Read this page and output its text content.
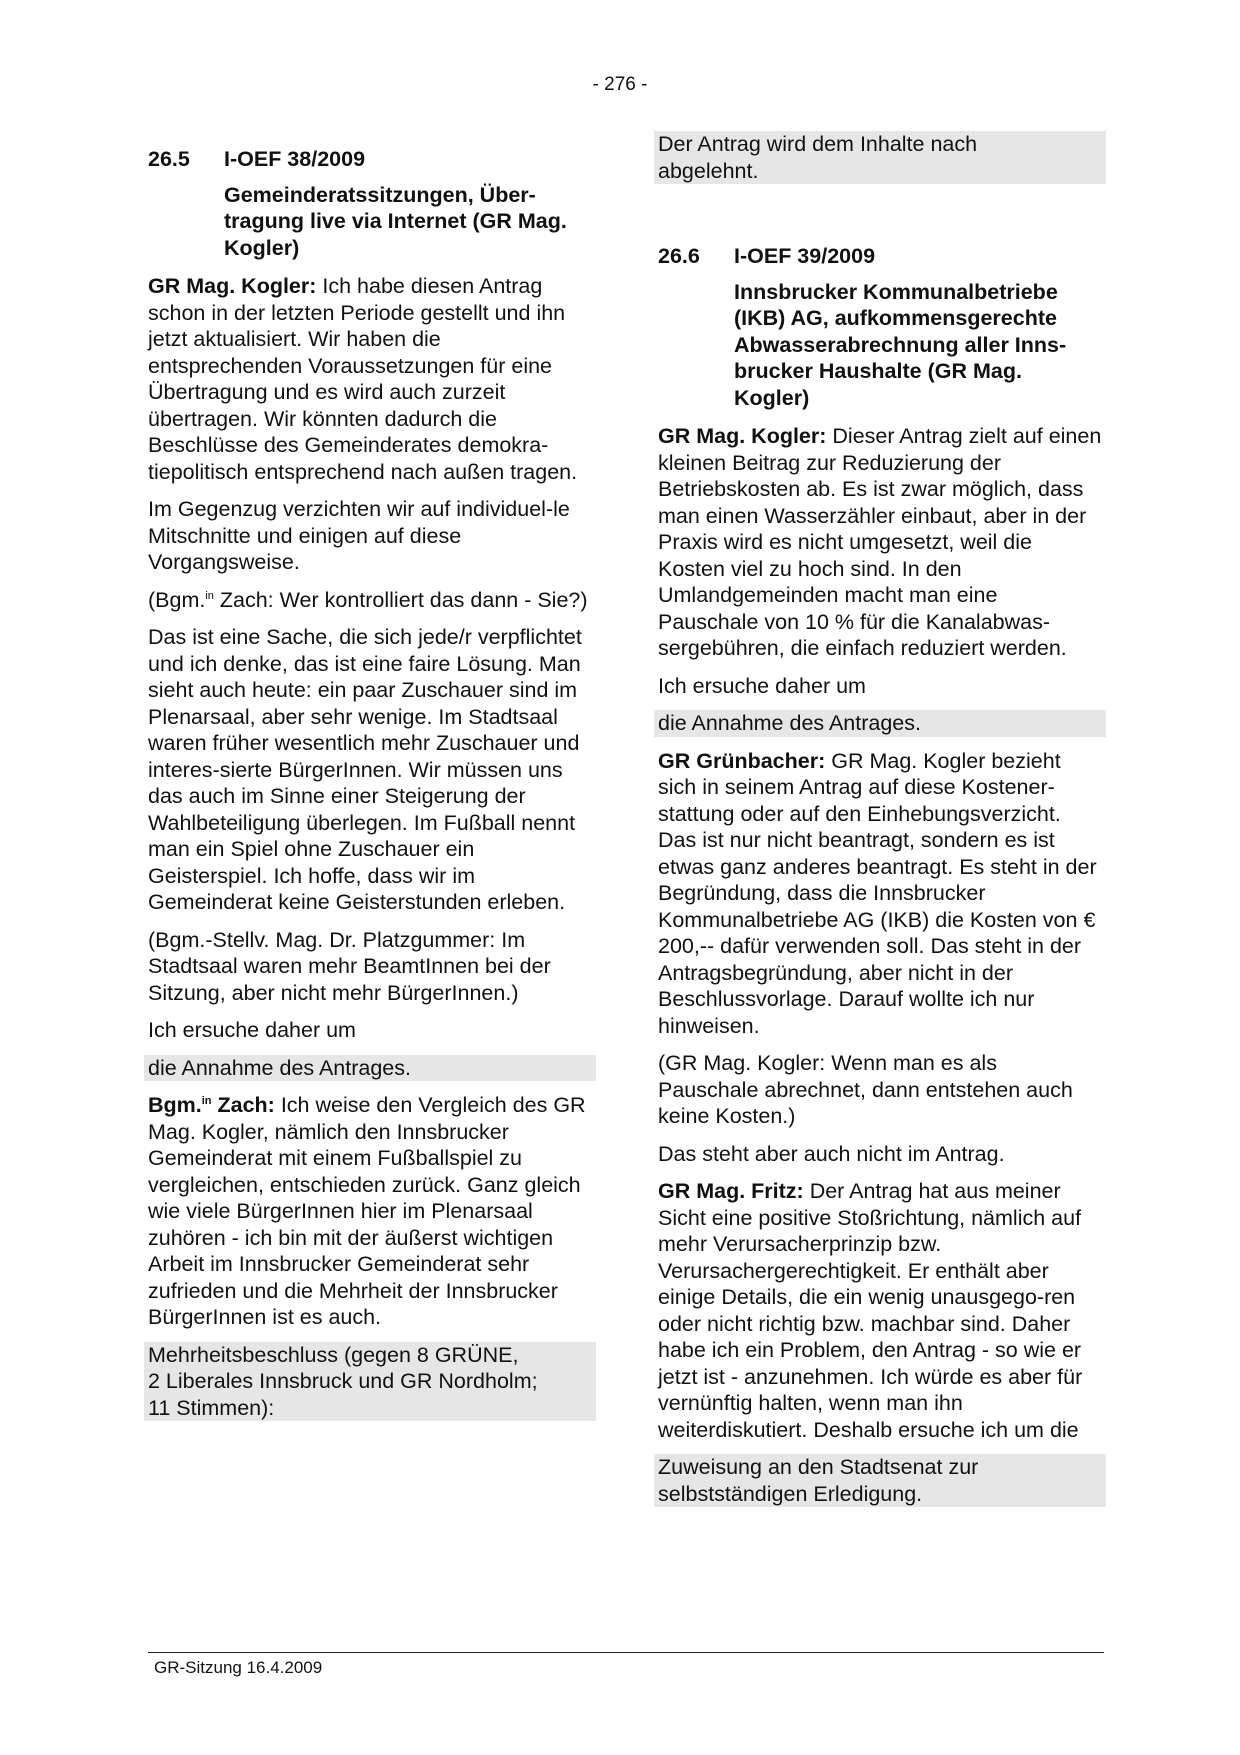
- 276 -
26.5	I-OEF 38/2009
Gemeinderatssitzungen, Über-tragung live via Internet (GR Mag. Kogler)

GR Mag. Kogler: Ich habe diesen Antrag schon in der letzten Periode gestellt und ihn jetzt aktualisiert. Wir haben die entsprechenden Voraussetzungen für eine Übertragung und es wird auch zurzeit übertragen. Wir könnten dadurch die Beschlüsse des Gemeinderates demokra-tiepolitisch entsprechend nach außen tragen.

Im Gegenzug verzichten wir auf individuel-le Mitschnitte und einigen auf diese Vorgangsweise.

(Bgm.$^{in}$ Zach: Wer kontrolliert das dann - Sie?)

Das ist eine Sache, die sich jede/r verpflichtet und ich denke, das ist eine faire Lösung. Man sieht auch heute: ein paar Zuschauer sind im Plenarsaal, aber sehr wenige. Im Stadtsaal waren früher wesentlich mehr Zuschauer und interes-sierte BürgerInnen. Wir müssen uns das auch im Sinne einer Steigerung der Wahlbeteiligung überlegen. Im Fußball nennt man ein Spiel ohne Zuschauer ein Geisterspiel. Ich hoffe, dass wir im Gemeinderat keine Geisterstunden erleben.

(Bgm.-Stellv. Mag. Dr. Platzgummer: Im Stadtsaal waren mehr BeamtInnen bei der Sitzung, aber nicht mehr BürgerInnen.)

Ich ersuche daher um

die Annahme des Antrages.

Bgm.$^{in}$ Zach: Ich weise den Vergleich des GR Mag. Kogler, nämlich den Innsbrucker Gemeinderat mit einem Fußballspiel zu vergleichen, entschieden zurück. Ganz gleich wie viele BürgerInnen hier im Plenarsaal zuhören - ich bin mit der äußerst wichtigen Arbeit im Innsbrucker Gemeinderat sehr zufrieden und die Mehrheit der Innsbrucker BürgerInnen ist es auch.

Mehrheitsbeschluss (gegen 8 GRÜNE,
2 Liberales Innsbruck und GR Nordholm;
11 Stimmen):

Der Antrag wird dem Inhalte nach
abgelehnt.

26.6	I-OEF 39/2009
Innsbrucker Kommunalbetriebe (IKB) AG, aufkommensgerechte Abwasserabrechnung aller Inns-brucker Haushalte (GR Mag. Kogler)

GR Mag. Kogler: Dieser Antrag zielt auf einen kleinen Beitrag zur Reduzierung der Betriebskosten ab. Es ist zwar möglich, dass man einen Wasserzähler einbaut, aber in der Praxis wird es nicht umgesetzt, weil die Kosten viel zu hoch sind. In den Umlandgemeinden macht man eine Pauschale von 10 % für die Kanalabwas-sergebühren, die einfach reduziert werden.

Ich ersuche daher um

die Annahme des Antrages.

GR Grünbacher: GR Mag. Kogler bezieht sich in seinem Antrag auf diese Kostener-stattung oder auf den Einhebungsverzicht. Das ist nur nicht beantragt, sondern es ist etwas ganz anderes beantragt. Es steht in der Begründung, dass die Innsbrucker Kommunalbetriebe AG (IKB) die Kosten von € 200,-- dafür verwenden soll. Das steht in der Antragsbegründung, aber nicht in der Beschlussvorlage. Darauf wollte ich nur hinweisen.

(GR Mag. Kogler: Wenn man es als Pauschale abrechnet, dann entstehen auch keine Kosten.)

Das steht aber auch nicht im Antrag.

GR Mag. Fritz: Der Antrag hat aus meiner Sicht eine positive Stoßrichtung, nämlich auf mehr Verursacherprinzip bzw. Verursachergerechtigkeit. Er enthält aber einige Details, die ein wenig unausgego-ren oder nicht richtig bzw. machbar sind. Daher habe ich ein Problem, den Antrag - so wie er jetzt ist - anzunehmen. Ich würde es aber für vernünftig halten, wenn man ihn weiterdiskutiert. Deshalb ersuche ich um die

Zuweisung an den Stadtsenat zur
selbstständigen Erledigung.

GR-Sitzung 16.4.2009
